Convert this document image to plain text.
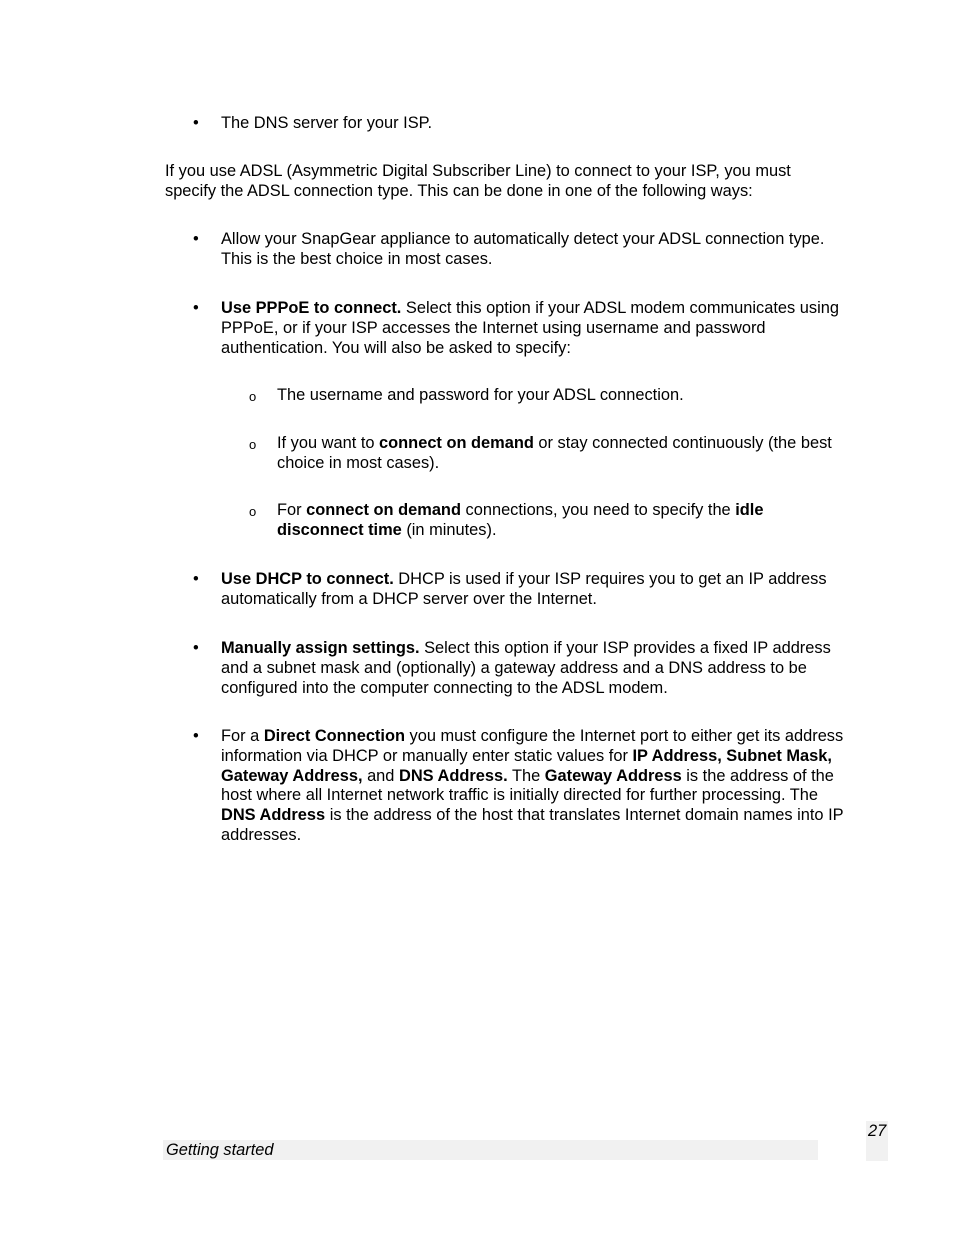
• The DNS server for your ISP.

If you use ADSL (Asymmetric Digital Subscriber Line) to connect to your ISP, you must specify the ADSL connection type. This can be done in one of the following ways:

• Allow your SnapGear appliance to automatically detect your ADSL connection type. This is the best choice in most cases.
• Use PPPoE to connect. Select this option if your ADSL modem communicates using PPPoE, or if your ISP accesses the Internet using username and password authentication. You will also be asked to specify:
o The username and password for your ADSL connection.
o If you want to connect on demand or stay connected continuously (the best choice in most cases).
o For connect on demand connections, you need to specify the idle disconnect time (in minutes).
• Use DHCP to connect. DHCP is used if your ISP requires you to get an IP address automatically from a DHCP server over the Internet.
• Manually assign settings. Select this option if your ISP provides a fixed IP address and a subnet mask and (optionally) a gateway address and a DNS address to be configured into the computer connecting to the ADSL modem.
• For a Direct Connection you must configure the Internet port to either get its address information via DHCP or manually enter static values for IP Address, Subnet Mask, Gateway Address, and DNS Address. The Gateway Address is the address of the host where all Internet network traffic is initially directed for further processing. The DNS Address is the address of the host that translates Internet domain names into IP addresses.
Getting started
27
